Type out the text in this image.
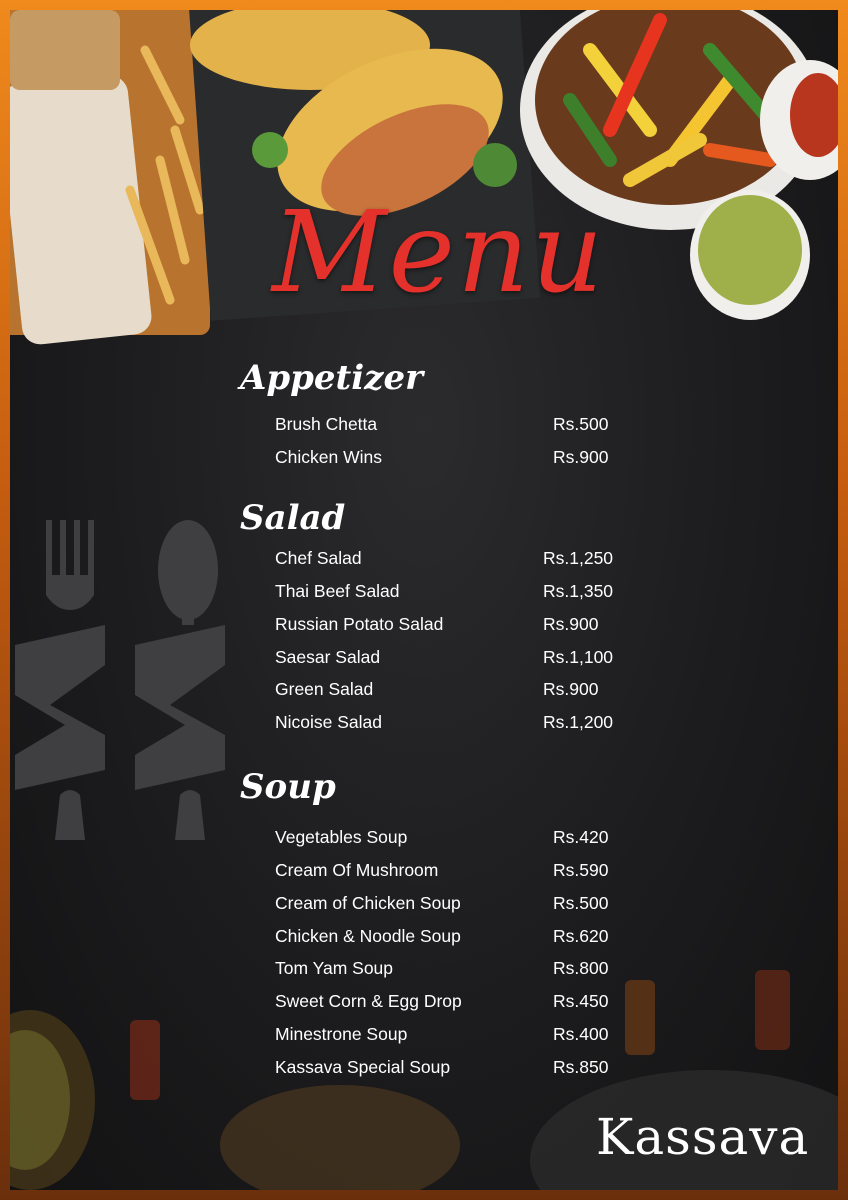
Menu
Appetizer
Brush Chetta	Rs.500
Chicken Wins	Rs.900
Salad
Chef Salad	Rs.1,250
Thai Beef Salad	Rs.1,350
Russian Potato Salad	Rs.900
Saesar Salad	Rs.1,100
Green Salad	Rs.900
Nicoise Salad	Rs.1,200
Soup
Vegetables Soup	Rs.420
Cream Of Mushroom	Rs.590
Cream of Chicken Soup	Rs.500
Chicken & Noodle Soup	Rs.620
Tom Yam Soup	Rs.800
Sweet Corn & Egg Drop	Rs.450
Minestrone Soup	Rs.400
Kassava Special Soup	Rs.850
Kassava
